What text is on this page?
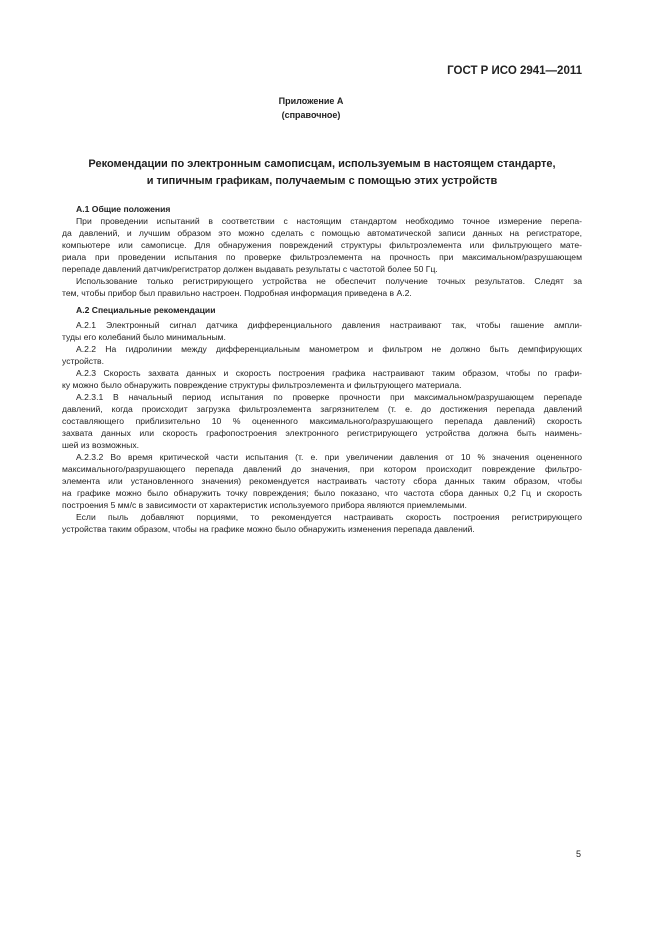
ГОСТ Р ИСО 2941—2011
Приложение А
(справочное)
Рекомендации по электронным самописцам, используемым в настоящем стандарте,
и типичным графикам, получаемым с помощью этих устройств
А.1 Общие положения
При проведении испытаний в соответствии с настоящим стандартом необходимо точное измерение перепа-
да давлений, и лучшим образом это можно сделать с помощью автоматической записи данных на регистраторе,
компьютере или самописце. Для обнаружения повреждений структуры фильтроэлемента или фильтрующего мате-
риала при проведении испытания по проверке фильтроэлемента на прочность при максимальном/разрушающем
перепаде давлений датчик/регистратор должен выдавать результаты с частотой более 50 Гц.
Использование только регистрирующего устройства не обеспечит получение точных результатов. Следят за
тем, чтобы прибор был правильно настроен. Подробная информация приведена в А.2.
А.2 Специальные рекомендации
А.2.1 Электронный сигнал датчика дифференциального давления настраивают так, чтобы гашение ампли-
туды его колебаний было минимальным.
А.2.2 На гидролинии между дифференциальным манометром и фильтром не должно быть демпфирующих
устройств.
А.2.3 Скорость захвата данных и скорость построения графика настраивают таким образом, чтобы по графи-
ку можно было обнаружить повреждение структуры фильтроэлемента и фильтрующего материала.
А.2.3.1 В начальный период испытания по проверке прочности при максимальном/разрушающем перепаде
давлений, когда происходит загрузка фильтроэлемента загрязнителем (т. е. до достижения перепада давлений
составляющего приблизительно 10 % оцененного максимального/разрушающего перепада давлений) скорость
захвата данных или скорость графопостроения электронного регистрирующего устройства должна быть наимень-
шей из возможных.
А.2.3.2 Во время критической части испытания (т. е. при увеличении давления от 10 % значения оцененного
максимального/разрушающего перепада давлений до значения, при котором происходит повреждение фильтро-
элемента или установленного значения) рекомендуется настраивать частоту сбора данных таким образом, чтобы
на графике можно было обнаружить точку повреждения; было показано, что частота сбора данных 0,2 Гц и скорость
построения 5 мм/с в зависимости от характеристик используемого прибора являются приемлемыми.
Если пыль добавляют порциями, то рекомендуется настраивать скорость построения регистрирующего
устройства таким образом, чтобы на графике можно было обнаружить изменения перепада давлений.
5
